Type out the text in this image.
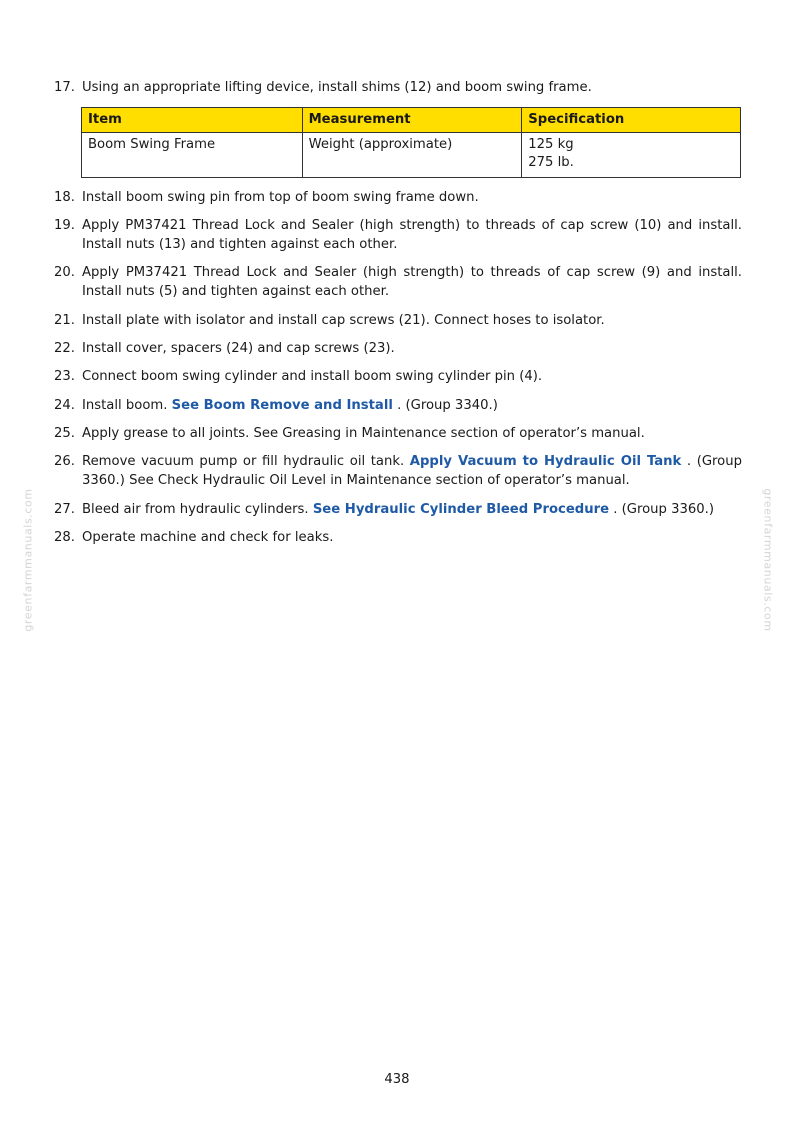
17. Using an appropriate lifting device, install shims (12) and boom swing frame.
Item	Measurement	Specification
Boom Swing Frame	Weight (approximate)	125 kg
275 lb.
18. Install boom swing pin from top of boom swing frame down.
19. Apply PM37421 Thread Lock and Sealer (high strength) to threads of cap screw (10) and install. Install nuts (13) and tighten against each other.
20. Apply PM37421 Thread Lock and Sealer (high strength) to threads of cap screw (9) and install. Install nuts (5) and tighten against each other.
21. Install plate with isolator and install cap screws (21). Connect hoses to isolator.
22. Install cover, spacers (24) and cap screws (23).
23. Connect boom swing cylinder and install boom swing cylinder pin (4).
24. Install boom. See Boom Remove and Install . (Group 3340.)
25. Apply grease to all joints. See Greasing in Maintenance section of operator’s manual.
26. Remove vacuum pump or fill hydraulic oil tank. Apply Vacuum to Hydraulic Oil Tank . (Group 3360.) See Check Hydraulic Oil Level in Maintenance section of operator’s manual.
27. Bleed air from hydraulic cylinders. See Hydraulic Cylinder Bleed Procedure . (Group 3360.)
28. Operate machine and check for leaks.
greenfarmmanuals.com	greenfarmmanuals.com
438
